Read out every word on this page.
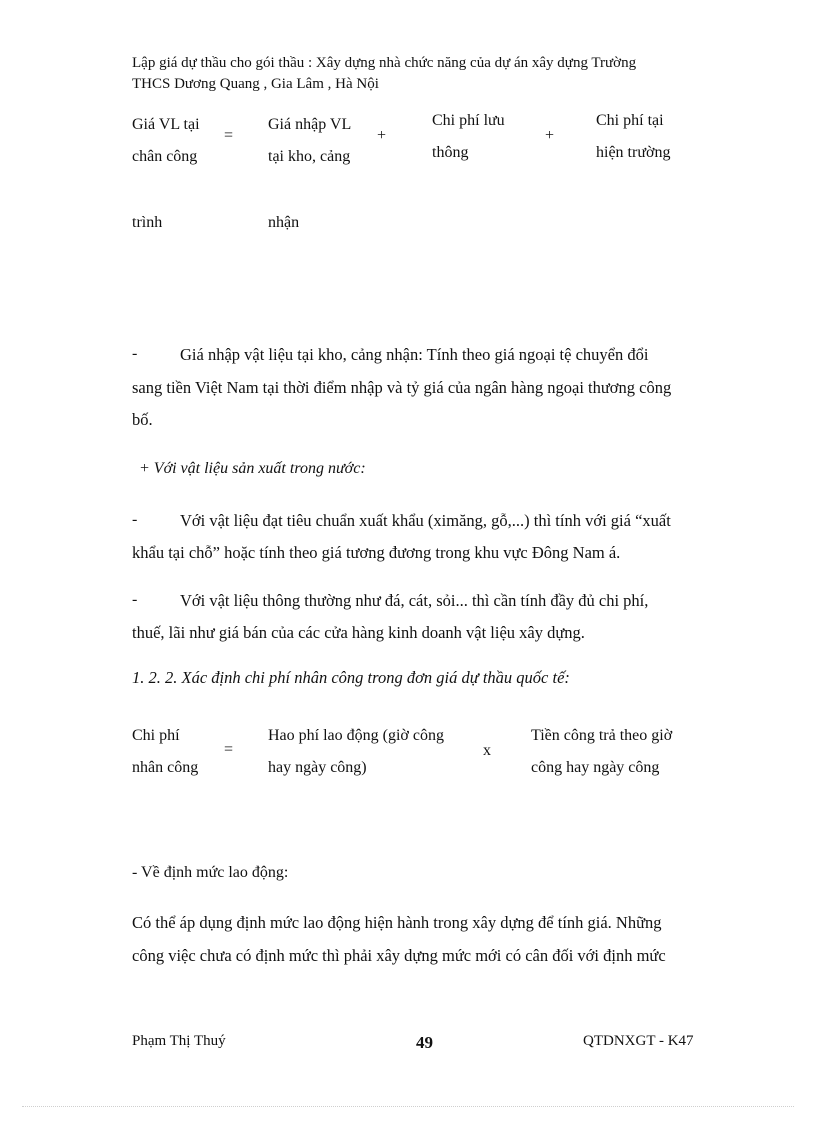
Lập giá dự thầu cho gói thầu : Xây dựng nhà chức năng của dự án xây dựng Trường
THCS Dương Quang , Gia Lâm , Hà Nội
Giá VL tại
chân công
trình
=
Giá nhập VL
tại kho, cảng
nhận
+
Chi phí lưu
thông
+
Chi phí tại
hiện trường
-	Giá nhập vật liệu tại kho, cảng nhận: Tính theo giá ngoại tệ chuyển đổi
sang tiền Việt Nam tại thời điểm nhập và tỷ giá của ngân hàng ngoại thương công
bố.
+ Với vật liệu sản xuất trong nước:
-	Với vật liệu đạt tiêu chuẩn xuất khẩu (ximăng, gỗ,...) thì tính với giá “xuất
khẩu tại chỗ” hoặc tính theo giá tương đương trong khu vực Đông Nam á.
-	Với vật liệu thông thường như đá, cát, sỏi... thì cần tính đầy đủ chi phí,
thuế, lãi như giá bán của các cửa hàng kinh doanh vật liệu xây dựng.
1. 2. 2. Xác định chi phí nhân công trong đơn giá dự thầu quốc tế:
Chi phí
nhân công
=
Hao phí lao động (giờ công
hay ngày công)
x
Tiền công trả theo giờ
công hay ngày công
- Về định mức lao động:
Có thể áp dụng định mức lao động hiện hành trong xây dựng để tính giá. Những
công việc chưa có định mức thì phải xây dựng mức mới có cân đối với định mức
Phạm Thị Thuý	49	QTDNXGT - K47
